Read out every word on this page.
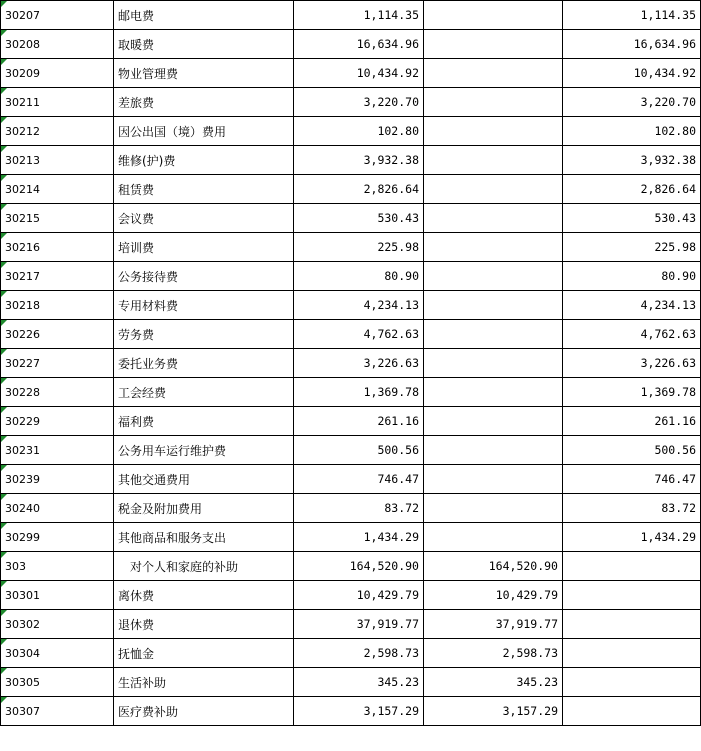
30207	邮电费	1,114.35		1,114.35

30208	取暖费	16,634.96		16,634.96

30209	物业管理费	10,434.92		10,434.92

30211	差旅费	3,220.70		3,220.70

30212	因公出国（境）费用	102.80		102.80

30213	维修(护)费	3,932.38		3,932.38

30214	租赁费	2,826.64		2,826.64

30215	会议费	530.43		530.43

30216	培训费	225.98		225.98

30217	公务接待费	80.90		80.90

30218	专用材料费	4,234.13		4,234.13

30226	劳务费	4,762.63		4,762.63

30227	委托业务费	3,226.63		3,226.63

30228	工会经费	1,369.78		1,369.78

30229	福利费	261.16		261.16

30231	公务用车运行维护费	500.56		500.56

30239	其他交通费用	746.47		746.47

30240	税金及附加费用	83.72		83.72

30299	其他商品和服务支出	1,434.29		1,434.29

303	对个人和家庭的补助	164,520.90	164,520.90	

30301	离休费	10,429.79	10,429.79	

30302	退休费	37,919.77	37,919.77	

30304	抚恤金	2,598.73	2,598.73	

30305	生活补助	345.23	345.23	

30307	医疗费补助	3,157.29	3,157.29	
